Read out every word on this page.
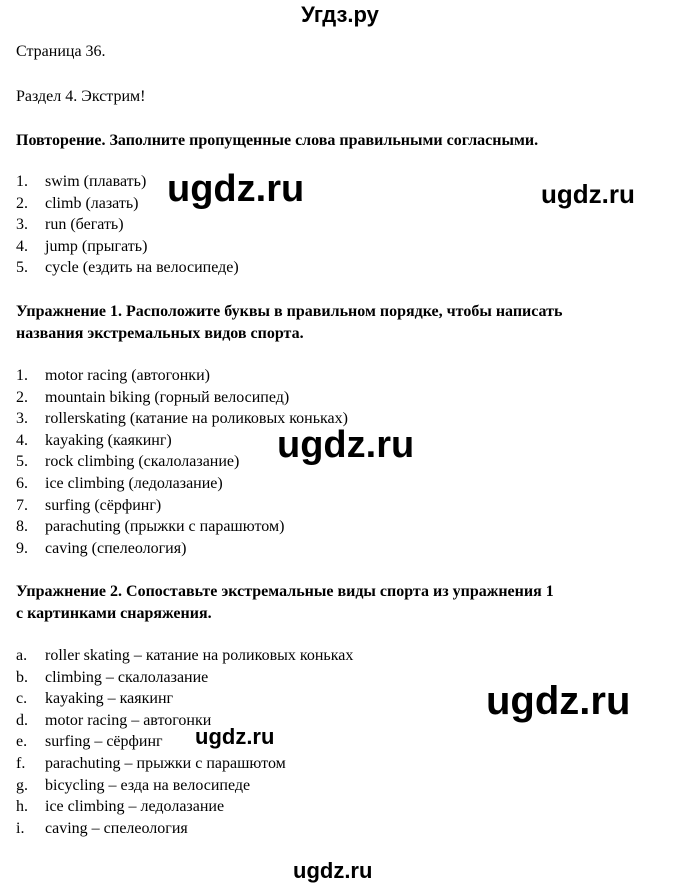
Угдз.ру
Страница 36.
Раздел 4. Экстрим!
Повторение. Заполните пропущенные слова правильными согласными.
1. swim (плавать)
2. climb (лазать)
3. run (бегать)
4. jump (прыгать)
5. cycle (ездить на велосипеде)
Упражнение 1. Расположите буквы в правильном порядке, чтобы написать
названия экстремальных видов спорта.
1. motor racing (автогонки)
2. mountain biking (горный велосипед)
3. rollerskating (катание на роликовых коньках)
4. kayaking (каякинг)
5. rock climbing (скалолазание)
6. ice climbing (ледолазание)
7. surfing (сёрфинг)
8. parachuting (прыжки с парашютом)
9. caving (спелеология)
Упражнение 2. Сопоставьте экстремальные виды спорта из упражнения 1
с картинками снаряжения.
a. roller skating – катание на роликовых коньках
b. climbing – скалолазание
c. kayaking – каякинг
d. motor racing – автогонки
e. surfing – сёрфинг
f. parachuting – прыжки с парашютом
g. bicycling – езда на велосипеде
h. ice climbing – ледолазание
i. caving – спелеология
ugdz.ru	ugdz.ru
ugdz.ru
ugdz.ru
ugdz.ru
ugdz.ru
